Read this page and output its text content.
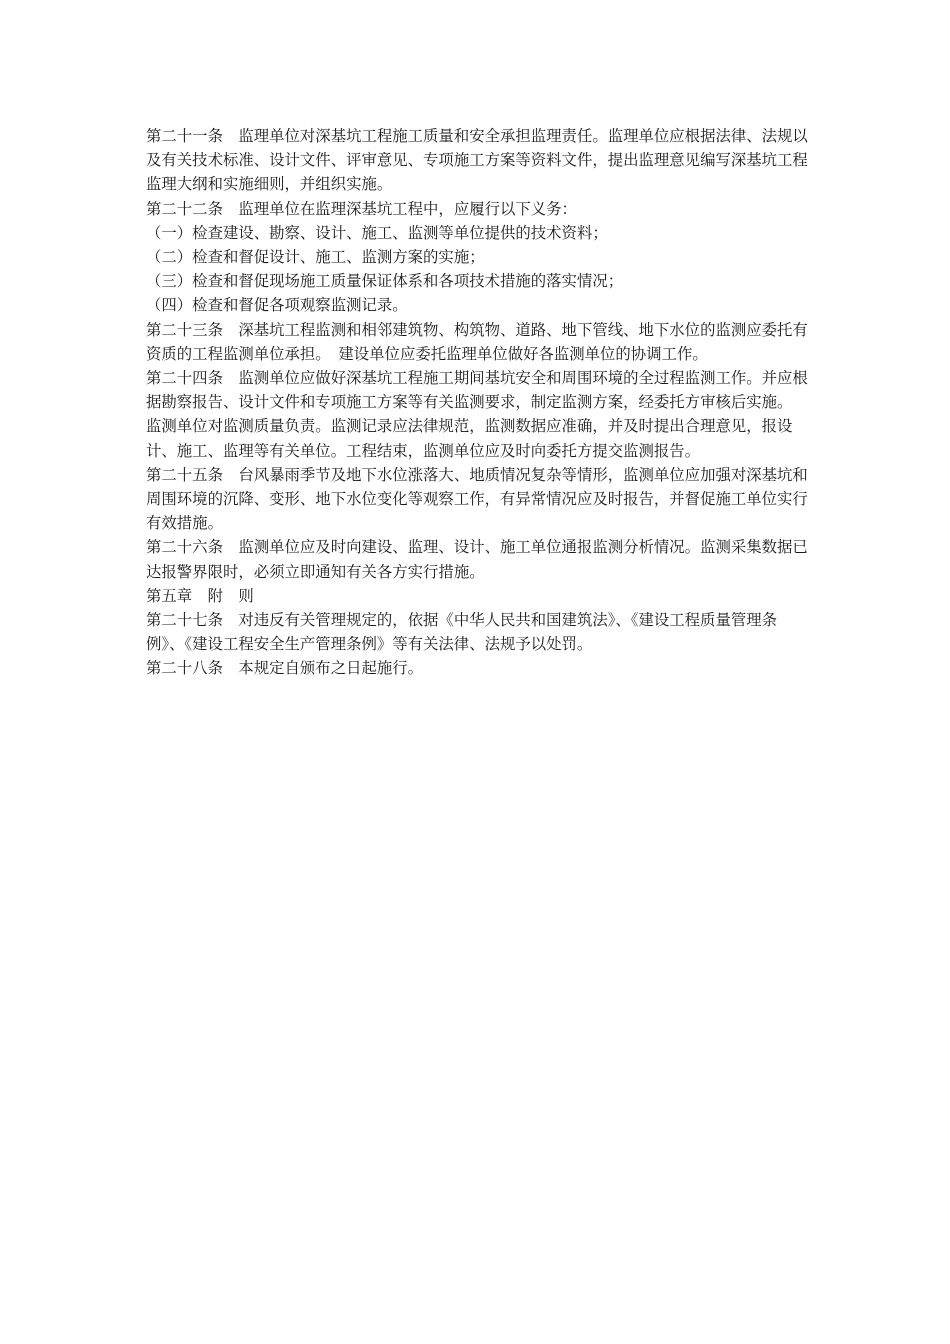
第二十一条　监理单位对深基坑工程施工质量和安全承担监理责任。监理单位应根据法律、法规以及有关技术标准、设计文件、评审意见、专项施工方案等资料文件，提出监理意见编写深基坑工程监理大纲和实施细则，并组织实施。

第二十二条　监理单位在监理深基坑工程中，应履行以下义务：

（一）检查建设、勘察、设计、施工、监测等单位提供的技术资料；

（二）检查和督促设计、施工、监测方案的实施；

（三）检查和督促现场施工质量保证体系和各项技术措施的落实情况；

（四）检查和督促各项观察监测记录。

第二十三条　深基坑工程监测和相邻建筑物、构筑物、道路、地下管线、地下水位的监测应委托有资质的工程监测单位承担。　建设单位应委托监理单位做好各监测单位的协调工作。

第二十四条　监测单位应做好深基坑工程施工期间基坑安全和周围环境的全过程监测工作。并应根据勘察报告、设计文件和专项施工方案等有关监测要求，制定监测方案，经委托方审核后实施。　监测单位对监测质量负责。监测记录应法律规范，监测数据应准确，并及时提出合理意见，报设计、施工、监理等有关单位。工程结束，监测单位应及时向委托方提交监测报告。

第二十五条　台风暴雨季节及地下水位涨落大、地质情况复杂等情形，监测单位应加强对深基坑和周围环境的沉降、变形、地下水位变化等观察工作，有异常情况应及时报告，并督促施工单位实行有效措施。

第二十六条　监测单位应及时向建设、监理、设计、施工单位通报监测分析情况。监测采集数据已达报警界限时，必须立即通知有关各方实行措施。

第五章　附　则

第二十七条　对违反有关管理规定的，依据《中华人民共和国建筑法》、《建设工程质量管理条例》、《建设工程安全生产管理条例》等有关法律、法规予以处罚。

第二十八条　本规定自颁布之日起施行。
